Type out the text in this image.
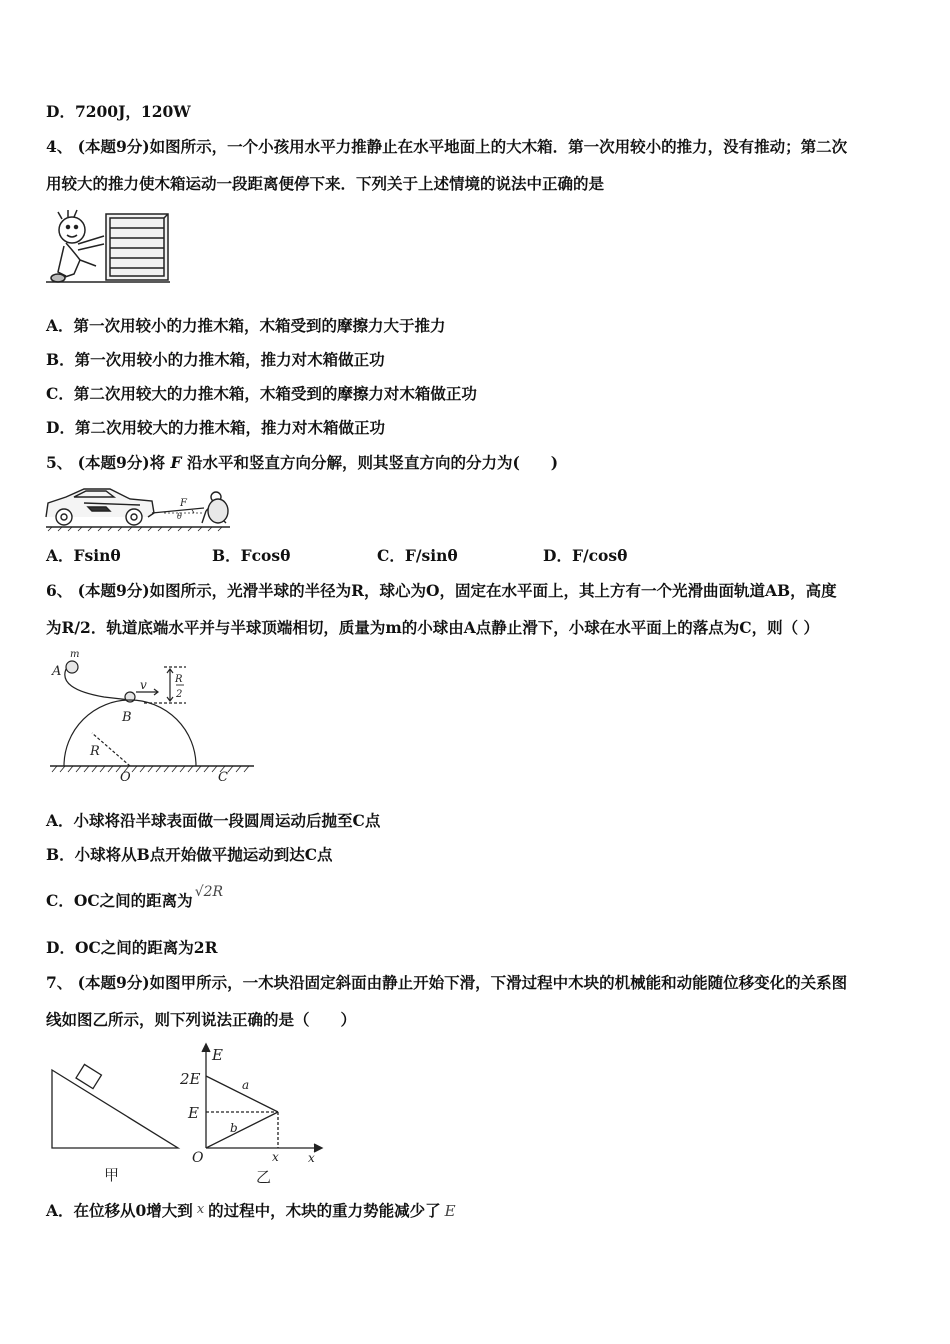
D．7200J，120W
4、 (本题9分)如图所示，一个小孩用水平力推静止在水平地面上的大木箱．第一次用较小的推力，没有推动；第二次
用较大的推力使木箱运动一段距离便停下来．下列关于上述情境的说法中正确的是
A．第一次用较小的力推木箱，木箱受到的摩擦力大于推力
B．第一次用较小的力推木箱，推力对木箱做正功
C．第二次用较大的力推木箱，木箱受到的摩擦力对木箱做正功
D．第二次用较大的力推木箱，推力对木箱做正功
5、 (本题9分)将 F 沿水平和竖直方向分解，则其竖直方向的分力为(　　)
F
θ
A．Fsinθ	B．Fcosθ	C．F/sinθ	D．F/cosθ
6、 (本题9分)如图所示，光滑半球的半径为R，球心为O，固定在水平面上，其上方有一个光滑曲面轨道AB，高度
为R/2．轨道底端水平并与半球顶端相切，质量为m的小球由A点静止滑下，小球在水平面上的落点为C，则（ ）
A
m
v
B
R
R
2
O	C
A．小球将沿半球表面做一段圆周运动后抛至C点
B．小球将从B点开始做平抛运动到达C点
C．OC之间的距离为 √2R
D．OC之间的距离为2R
7、 (本题9分)如图甲所示，一木块沿固定斜面由静止开始下滑，下滑过程中木块的机械能和动能随位移变化的关系图
线如图乙所示，则下列说法正确的是（　　）
甲
E
2E
E
a
b
O	x x
乙
A．在位移从0增大到 x 的过程中，木块的重力势能减少了 E
